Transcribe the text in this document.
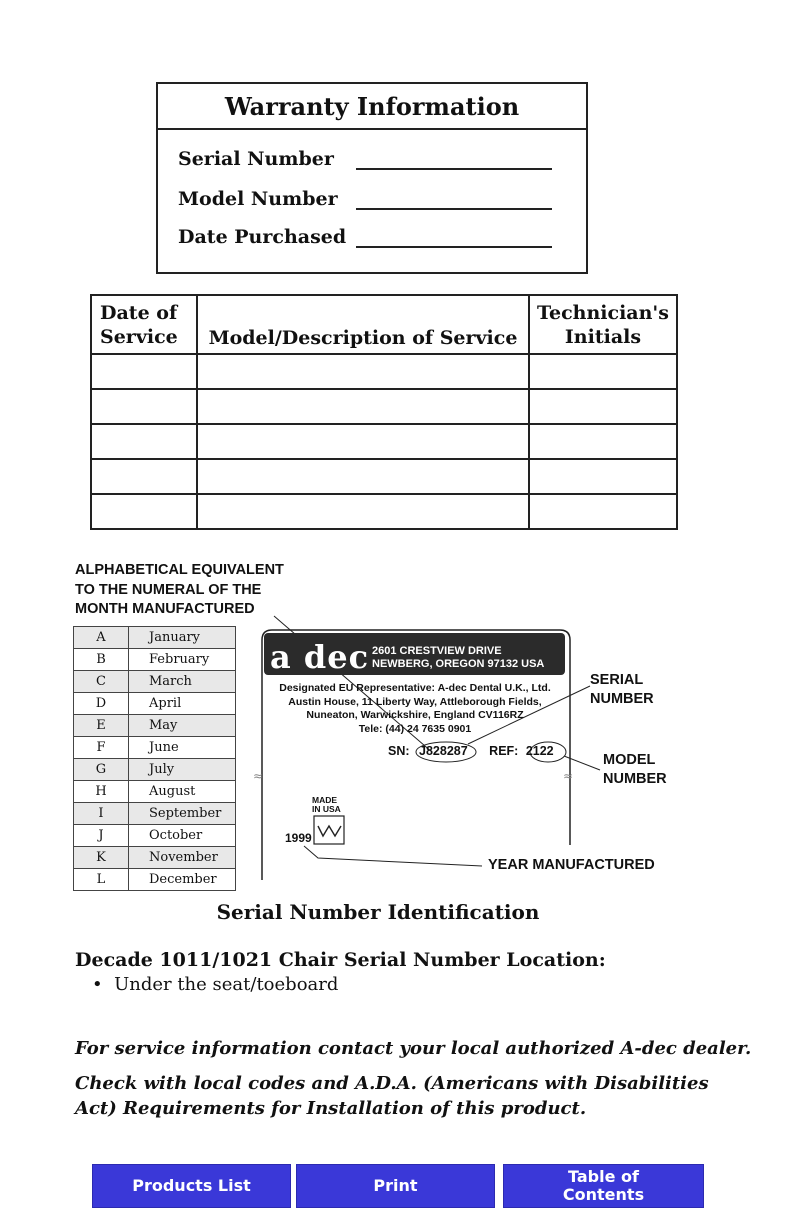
Warranty Information
Serial Number
Model Number
Date Purchased
Date of
Service	Model/Description of Service	Technician's
Initials

ALPHABETICAL EQUIVALENT
TO THE NUMERAL OF THE
MONTH MANUFACTURED
A	January
B	February
C	March
D	April
E	May
F	June
G	July
H	August
I	September
J	October
K	November
L	December
≈	≈
a dec 2601 CRESTVIEW DRIVE
NEWBERG, OREGON 97132 USA
Designated EU Representative: A-dec Dental U.K., Ltd.
Austin House, 11 Liberty Way, Attleborough Fields,
Nuneaton, Warwickshire, England CV116RZ
Tele: (44) 24 7635 0901
SN: J828287 REF: 2122
MADE
IN USA
1999
SERIAL
NUMBER
MODEL
NUMBER
YEAR MANUFACTURED
Serial Number Identification
Decade 1011/1021 Chair Serial Number Location:
•  Under the seat/toeboard
For service information contact your local authorized A-dec dealer.
Check with local codes and A.D.A. (Americans with Disabilities
Act) Requirements for Installation of this product.
Products List	Print	Table of
Contents
